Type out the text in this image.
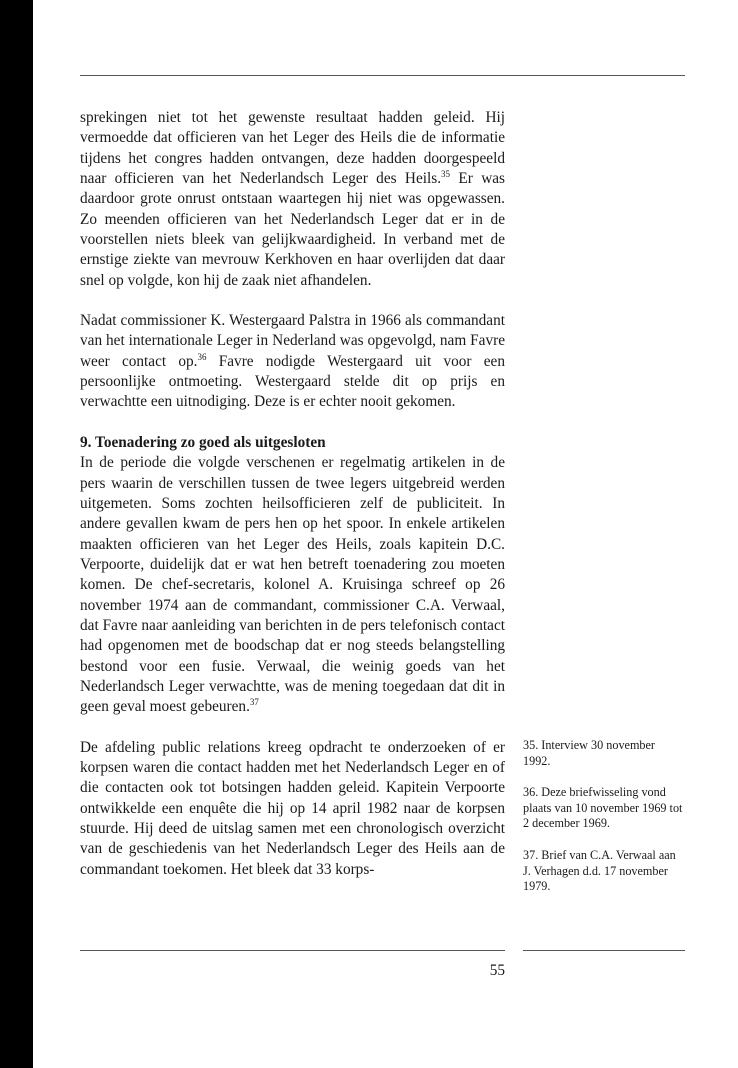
sprekingen niet tot het gewenste resultaat hadden geleid. Hij vermoedde dat officieren van het Leger des Heils die de informatie tijdens het congres hadden ontvangen, deze hadden doorgespeeld naar officieren van het Nederlandsch Leger des Heils.$^{35}$ Er was daardoor grote onrust ontstaan waartegen hij niet was opgewassen. Zo meenden officieren van het Nederlandsch Leger dat er in de voorstellen niets bleek van gelijkwaardigheid. In verband met de ernstige ziekte van mevrouw Kerkhoven en haar overlijden dat daar snel op volgde, kon hij de zaak niet afhandelen.

Nadat commissioner K. Westergaard Palstra in 1966 als commandant van het internationale Leger in Nederland was opgevolgd, nam Favre weer contact op.$^{36}$ Favre nodigde Westergaard uit voor een persoonlijke ontmoeting. Westergaard stelde dit op prijs en verwachtte een uitnodiging. Deze is er echter nooit gekomen.

9. Toenadering zo goed als uitgesloten

In de periode die volgde verschenen er regelmatig artikelen in de pers waarin de verschillen tussen de twee legers uitgebreid werden uitgemeten. Soms zochten heilsofficieren zelf de publiciteit. In andere gevallen kwam de pers hen op het spoor. In enkele artikelen maakten officieren van het Leger des Heils, zoals kapitein D.C. Verpoorte, duidelijk dat er wat hen betreft toenadering zou moeten komen. De chef-secretaris, kolonel A. Kruisinga schreef op 26 november 1974 aan de commandant, commissioner C.A. Verwaal, dat Favre naar aanleiding van berichten in de pers telefonisch contact had opgenomen met de boodschap dat er nog steeds belangstelling bestond voor een fusie. Verwaal, die weinig goeds van het Nederlandsch Leger verwachtte, was de mening toegedaan dat dit in geen geval moest gebeuren.$^{37}$

De afdeling public relations kreeg opdracht te onderzoeken of er korpsen waren die contact hadden met het Nederlandsch Leger en of die contacten ook tot botsingen hadden geleid. Kapitein Verpoorte ontwikkelde een enquête die hij op 14 april 1982 naar de korpsen stuurde. Hij deed de uitslag samen met een chronologisch overzicht van de geschiedenis van het Nederlandsch Leger des Heils aan de commandant toekomen. Het bleek dat 33 korps-

35. Interview 30 november 1992.

36. Deze briefwisseling vond plaats van 10 november 1969 tot 2 december 1969.

37. Brief van C.A. Verwaal aan J. Verhagen d.d. 17 november 1979.

55
